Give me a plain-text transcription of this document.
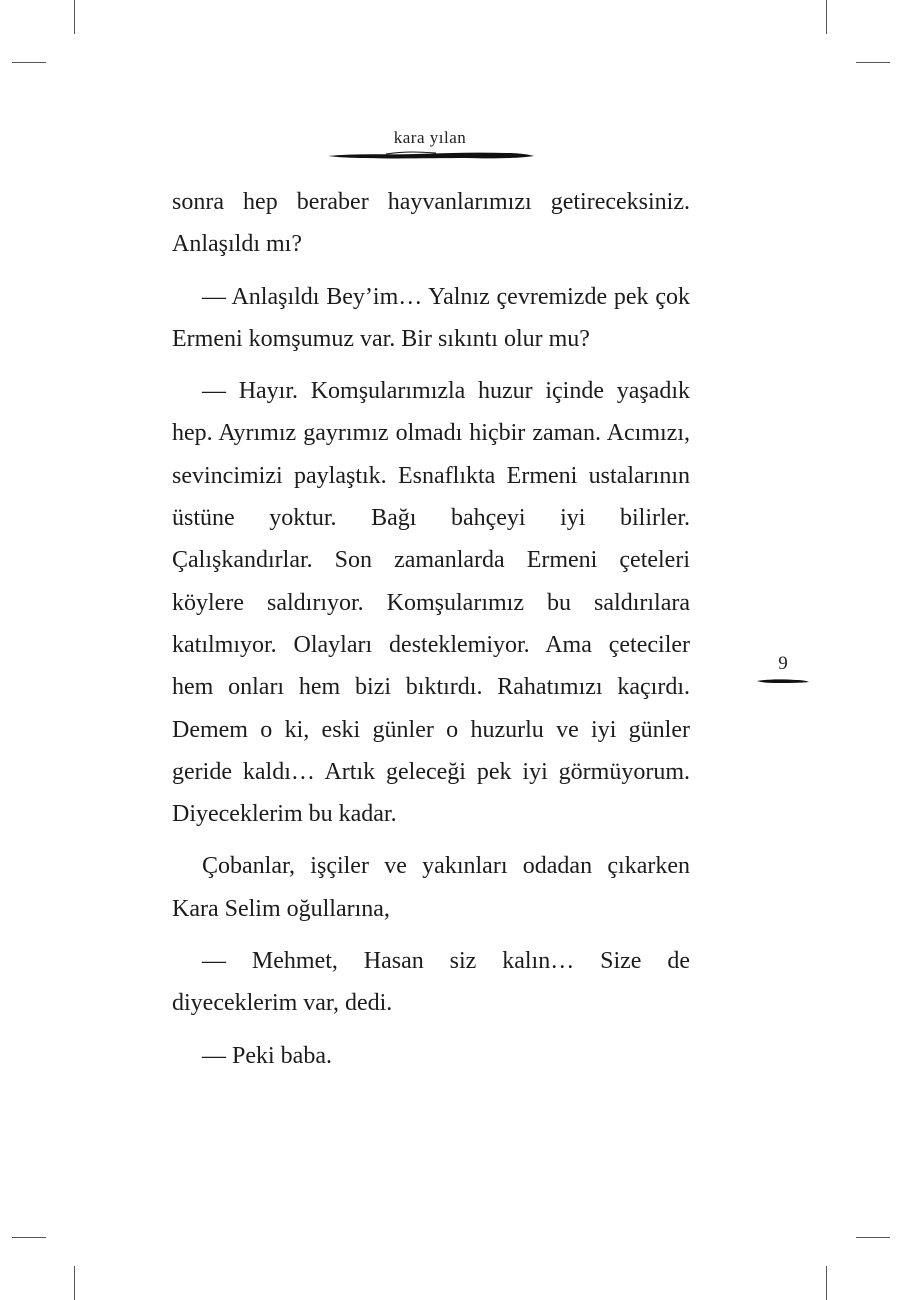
kara yılan

sonra hep beraber hayvanlarımızı getireceksiniz. Anlaşıldı mı?

— Anlaşıldı Bey’im… Yalnız çevremizde pek çok Ermeni komşumuz var. Bir sıkıntı olur mu?

— Hayır. Komşularımızla huzur içinde yaşadık hep. Ayrımız gayrımız olmadı hiçbir zaman. Acımızı, sevincimizi paylaştık. Esnaflıkta Ermeni ustalarının üstüne yoktur. Bağı bahçeyi iyi bilirler. Çalışkandırlar. Son zamanlarda Ermeni çeteleri köylere saldırıyor. Komşularımız bu saldırılara katılmıyor. Olayları desteklemiyor. Ama çeteciler hem onları hem bizi bıktırdı. Rahatımızı kaçırdı. Demem o ki, eski günler o huzurlu ve iyi günler geride kaldı… Artık geleceği pek iyi görmüyorum. Diyeceklerim bu kadar.

Çobanlar, işçiler ve yakınları odadan çıkarken Kara Selim oğullarına,

— Mehmet, Hasan siz kalın… Size de diyeceklerim var, dedi.

— Peki baba.

9
